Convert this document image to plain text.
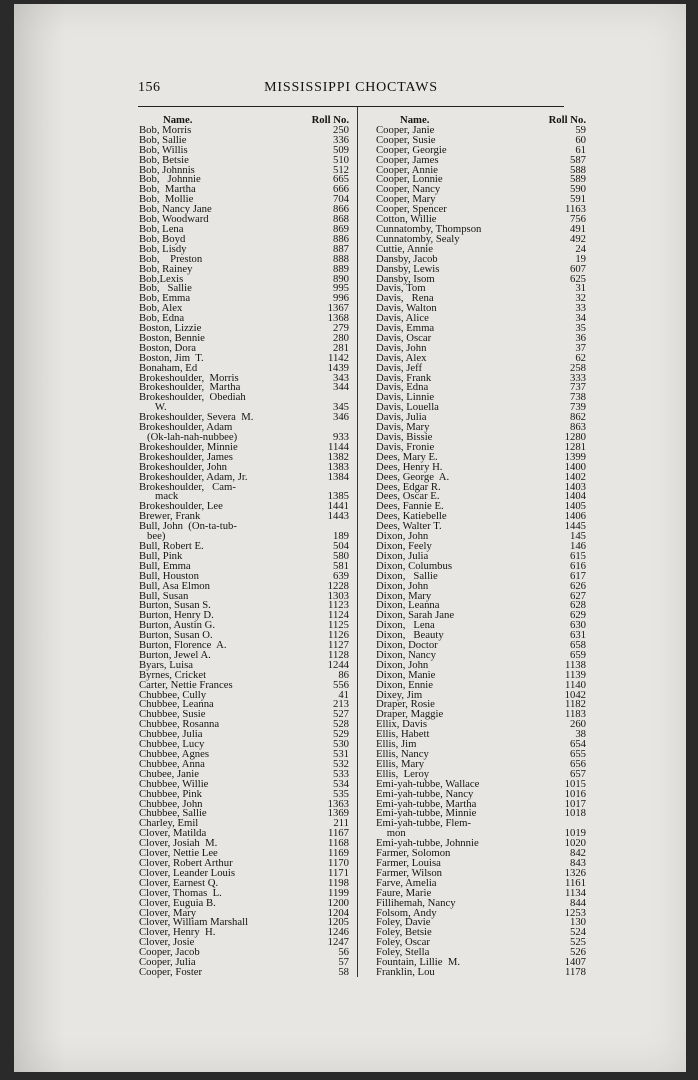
156	MISSISSIPPI CHOCTAWS
Name.	Roll No.
Bob, Morris	250
Bob, Sallie	336
Bob, Willis	509
Bob, Betsie	510
Bob, Johnnis	512
Bob,   Johnnie	665
Bob,  Martha	666
Bob,  Mollie	704
Bob, Nancy Jane	866
Bob, Woodward	868
Bob, Lena	869
Bob, Boyd	886
Bob, Lisdy	887
Bob,    Preston	888
Bob, Rainey	889
Bob,Lexis	890
Bob,   Sallie	995
Bob, Emma	996
Bob, Alex	1367
Bob, Edna	1368
Boston, Lizzie	279
Boston, Bennie	280
Boston, Dora	281
Boston, Jim  T.	1142
Bonaham, Ed	1439
Brokeshoulder,  Morris	343
Brokeshoulder,  Martha	344
Brokeshoulder,  Obediah
W.	345
Brokeshoulder, Severa  M.	346
Brokeshoulder, Adam
(Ok-lah-nah-nubbee)	933
Brokeshoulder, Minnie	1144
Brokeshoulder, James	1382
Brokeshoulder, John	1383
Brokeshoulder, Adam, Jr.	1384
Brokeshoulder,   Cam-
mack	1385
Brokeshoulder, Lee	1441
Brewer, Frank	1443
Bull, John  (On-ta-tub-
bee)	189
Bull, Robert E.	504
Bull, Pink	580
Bull, Emma	581
Bull, Houston	639
Bull, Asa Elmon	1228
Bull, Susan	1303
Burton, Susan S.	1123
Burton, Henry D.	1124
Burton, Austin G.	1125
Burton, Susan O.	1126
Burton, Florence  A.	1127
Burton, Jewel A.	1128
Byars, Luisa	1244
Byrnes, Cricket	86
Carter, Nettie Frances	556
Chubbee, Cully	41
Chubbee, Leanna	213
Chubbee, Susie	527
Chubbee, Rosanna	528
Chubbee, Julia	529
Chubbee, Lucy	530
Chubbee, Agnes	531
Chubbee, Anna	532
Chubee, Janie	533
Chubbee, Willie	534
Chubbee, Pink	535
Chubbee, John	1363
Chubbee, Sallie	1369
Charley, Emil	211
Clover, Matilda	1167
Clover, Josiah  M.	1168
Clover, Nettie Lee	1169
Clover, Robert Arthur	1170
Clover, Leander Louis	1171
Clover, Earnest Q.	1198
Clover, Thomas  L.	1199
Clover, Euguia B.	1200
Clover, Mary	1204
Clover, William Marshall	1205
Clover, Henry  H.	1246
Clover, Josie	1247
Cooper, Jacob	56
Cooper, Julia	57
Cooper, Foster	58
Name.	Roll No.
Cooper, Janie	59
Cooper, Susie	60
Cooper, Georgie	61
Cooper, James	587
Cooper, Annie	588
Cooper, Lonnie	589
Cooper, Nancy	590
Cooper, Mary	591
Cooper, Spencer	1163
Cotton, Willie	756
Cunnatomby, Thompson	491
Cunnatomby, Sealy	492
Cuttie, Annie	24
Dansby, Jacob	19
Dansby, Lewis	607
Dansby, Isom	625
Davis, Tom	31
Davis,   Rena	32
Davis, Walton	33
Davis, Alice	34
Davis, Emma	35
Davis, Oscar	36
Davis, John	37
Davis, Alex	62
Davis, Jeff	258
Davis, Frank	333
Davis, Edna	737
Davis, Linnie	738
Davis, Louella	739
Davis, Julia	862
Davis, Mary	863
Davis, Bissie	1280
Davis, Fronie	1281
Dees, Mary E.	1399
Dees, Henry H.	1400
Dees, George  A.	1402
Dees, Edgar R.	1403
Dees, Oscar E.	1404
Dees, Fannie E.	1405
Dees, Katiebelle	1406
Dees, Walter T.	1445
Dixon, John	145
Dixon, Feely	146
Dixon, Julia	615
Dixon, Columbus	616
Dixon,   Sallie	617
Dixon, John	626
Dixon, Mary	627
Dixon, Leanna	628
Dixon, Sarah Jane	629
Dixon,   Lena	630
Dixon,   Beauty	631
Dixon, Doctor	658
Dixon, Nancy	659
Dixon, John	1138
Dixon, Manie	1139
Dixon, Ennie	1140
Dixey, Jim	1042
Draper, Rosie	1182
Draper, Maggie	1183
Ellix, Davis	260
Ellis, Habett	38
Ellis, Jim	654
Ellis, Nancy	655
Ellis, Mary	656
Ellis,  Leroy	657
Emi-yah-tubbe, Wallace	1015
Emi-yah-tubbe, Nancy	1016
Emi-yah-tubbe, Martha	1017
Emi-yah-tubbe, Minnie	1018
Emi-yah-tubbe, Flem-
mon	1019
Emi-yah-tubbe, Johnnie	1020
Farmer, Solomon	842
Farmer, Louisa	843
Farmer, Wilson	1326
Farve, Amelia	1161
Faure, Marie	1134
Fillihemah, Nancy	844
Folsom, Andy	1253
Foley, Davie	130
Foley, Betsie	524
Foley, Oscar	525
Foley, Stella	526
Fountain, Lillie  M.	1407
Franklin, Lou	1178
